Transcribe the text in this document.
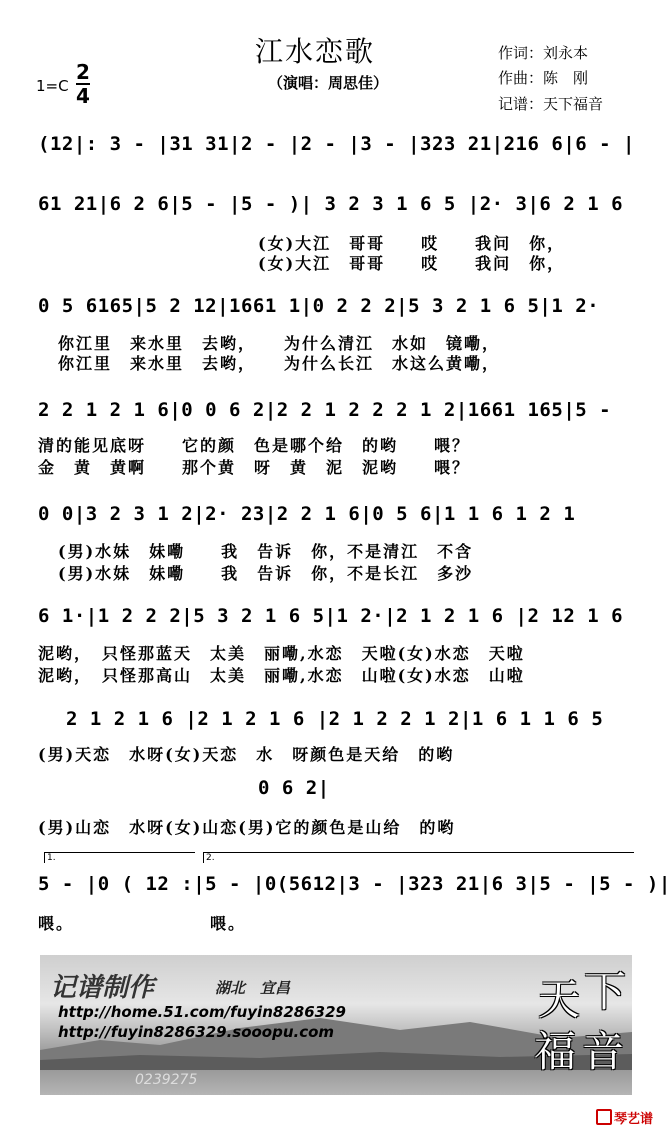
江水恋歌
（演唱：周思佳）
作词：刘永本
作曲：陈　刚
记谱：天下福音
1=C
2
4
(12|: 3 - |31 31|2 - |2 - |3 - |323 21|216 6|6 - |
61 21|6 2 6|5 - |5 - )| 3 2 3 1 6 5 |2· 3|6 2 1 6
(女)大江　哥哥　　哎　　我问　你，
(女)大江　哥哥　　哎　　我问　你，
0 5 6165|5 2 12|1661 1|0 2 2 2|5 3 2 1 6 5|1 2·
你江里　来水里　去哟，　　为什么清江　水如　镜嘞，
你江里　来水里　去哟，　　为什么长江　水这么黄嘞，
2 2 1 2 1 6|0 0 6 2|2 2 1 2 2 2 1 2|1661 165|5 -
清的能见底呀　　它的颜　色是哪个给　的哟　　喂？
金　黄　黄啊　　那个黄　呀　黄　泥　泥哟　　喂？
0 0|3 2 3 1 2|2· 23|2 2 1 6|0 5 6|1 1 6 1 2 1
(男)水妹　妹嘞　　我　告诉　你，不是清江　不含
(男)水妹　妹嘞　　我　告诉　你，不是长江　多沙
6 1·|1 2 2 2|5 3 2 1 6 5|1 2·|2 1 2 1 6 |2 12 1 6
泥哟，　只怪那蓝天　太美　丽嘞,水恋　天啦(女)水恋　天啦
泥哟，　只怪那高山　太美　丽嘞,水恋　山啦(女)水恋　山啦
2 1 2 1 6 |2 1 2 1 6 |2 1 2 2 1 2|1 6 1 1 6 5
(男)天恋　水呀(女)天恋　水　呀颜色是天给　的哟
0 6 2|
(男)山恋　水呀(女)山恋(男)它的颜色是山给　的哟
1.	2.
5 - |0 ( 12 :|5 - |0(5612|3 - |323 21|6 3|5 - |5 - )|
喂。　　　　　　　　喂。
记谱制作	湖北　宜昌
http://home.51.com/fuyin8286329
http://fuyin8286329.sooopu.com
0239275
天 下
福 音
琴艺谱
